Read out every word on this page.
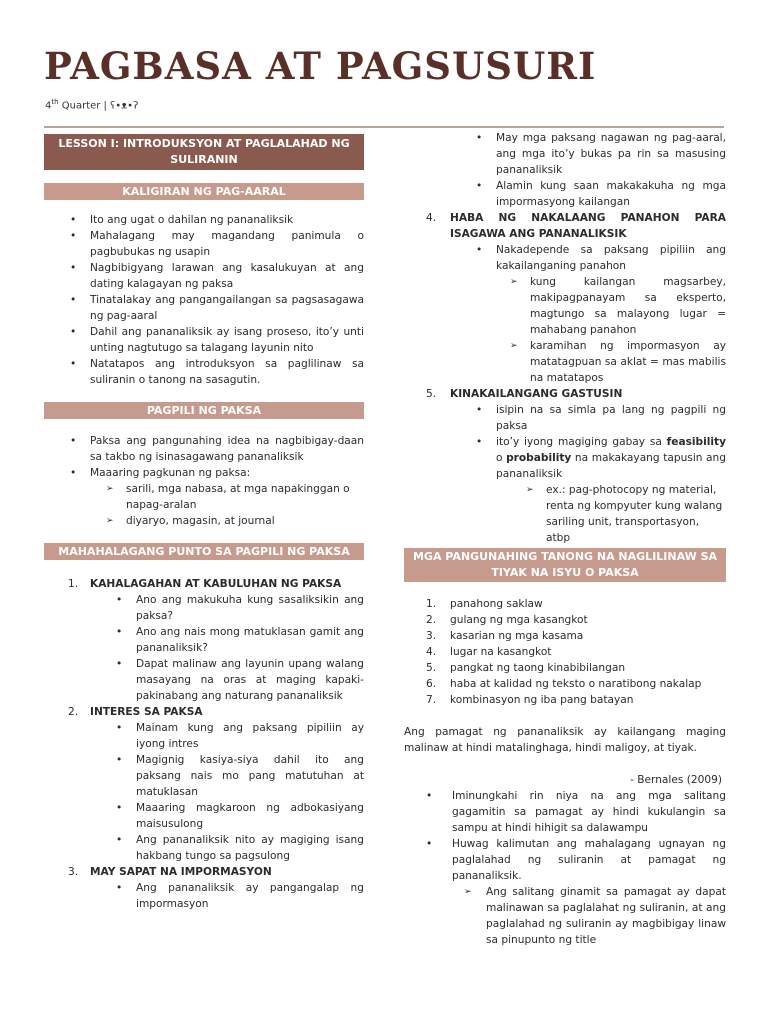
PAGBASA AT PAGSUSURI
4th Quarter | ʕ•ᴥ•ʔ
LESSON I: INTRODUKSYON AT PAGLALAHAD NG SULIRANIN
KALIGIRAN NG PAG-AARAL
• Ito ang ugat o dahilan ng pananaliksik
• Mahalagang may magandang panimula o pagbubukas ng usapin
• Nagbibigyang larawan ang kasalukuyan at ang dating kalagayan ng paksa
• Tinatalakay ang pangangailangan sa pagsasagawa ng pag-aaral
• Dahil ang pananaliksik ay isang proseso, ito’y unti unting nagtutugo sa talagang layunin nito
• Natatapos ang introduksyon sa paglilinaw sa suliranin o tanong na sasagutin.
PAGPILI NG PAKSA
• Paksa ang pangunahing idea na nagbibigay-daan sa takbo ng isinasagawang pananaliksik
• Maaaring pagkunan ng paksa:
➢ sarili, mga nabasa, at mga napakinggan o napag-aralan
➢ diyaryo, magasin, at journal
MAHAHALAGANG PUNTO SA PAGPILI NG PAKSA
1. KAHALAGAHAN AT KABULUHAN NG PAKSA
• Ano ang makukuha kung sasaliksikin ang paksa?
• Ano ang nais mong matuklasan gamit ang pananaliksik?
• Dapat malinaw ang layunin upang walang masayang na oras at maging kapaki-pakinabang ang naturang pananaliksik
2. INTERES SA PAKSA
• Mainam kung ang paksang pipiliin ay iyong intres
• Magignig kasiya-siya dahil ito ang paksang nais mo pang matutuhan at matuklasan
• Maaaring magkaroon ng adbokasiyang maisusulong
• Ang pananaliksik nito ay magiging isang hakbang tungo sa pagsulong
3. MAY SAPAT NA IMPORMASYON
• Ang pananaliksik ay pangangalap ng impormasyon
• May mga paksang nagawan ng pag-aaral, ang mga ito’y bukas pa rin sa masusing pananaliksik
• Alamin kung saan makakakuha ng mga impormasyong kailangan
4. HABA NG NAKALAANG PANAHON PARA ISAGAWA ANG PANANALIKSIK
• Nakadepende sa paksang pipiliin ang kakailanganing panahon
➢ kung kailangan magsarbey, makipagpanayam sa eksperto, magtungo sa malayong lugar = mahabang panahon
➢ karamihan ng impormasyon ay matatagpuan sa aklat = mas mabilis na matatapos
5. KINAKAILANGANG GASTUSIN
• isipin na sa simla pa lang ng pagpili ng paksa
• ito’y iyong magiging gabay sa feasibility o probability na makakayang tapusin ang pananaliksik
➢ ex.: pag-photocopy ng material, renta ng kompyuter kung walang sariling unit, transportasyon, atbp
MGA PANGUNAHING TANONG NA NAGLILINAW SA TIYAK NA ISYU O PAKSA
1. panahong saklaw
2. gulang ng mga kasangkot
3. kasarian ng mga kasama
4. lugar na kasangkot
5. pangkat ng taong kinabibilangan
6. haba at kalidad ng teksto o naratibong nakalap
7. kombinasyon ng iba pang batayan
Ang pamagat ng pananaliksik ay kailangang maging malinaw at hindi matalinghaga, hindi maligoy, at tiyak.
- Bernales (2009)
• Iminungkahi rin niya na ang mga salitang gagamitin sa pamagat ay hindi kukulangin sa sampu at hindi hihigit sa dalawampu
• Huwag kalimutan ang mahalagang ugnayan ng paglalahad ng suliranin at pamagat ng pananaliksik.
➢ Ang salitang ginamit sa pamagat ay dapat malinawan sa paglalahat ng suliranin, at ang paglalahad ng suliranin ay magbibigay linaw sa pinupunto ng title
